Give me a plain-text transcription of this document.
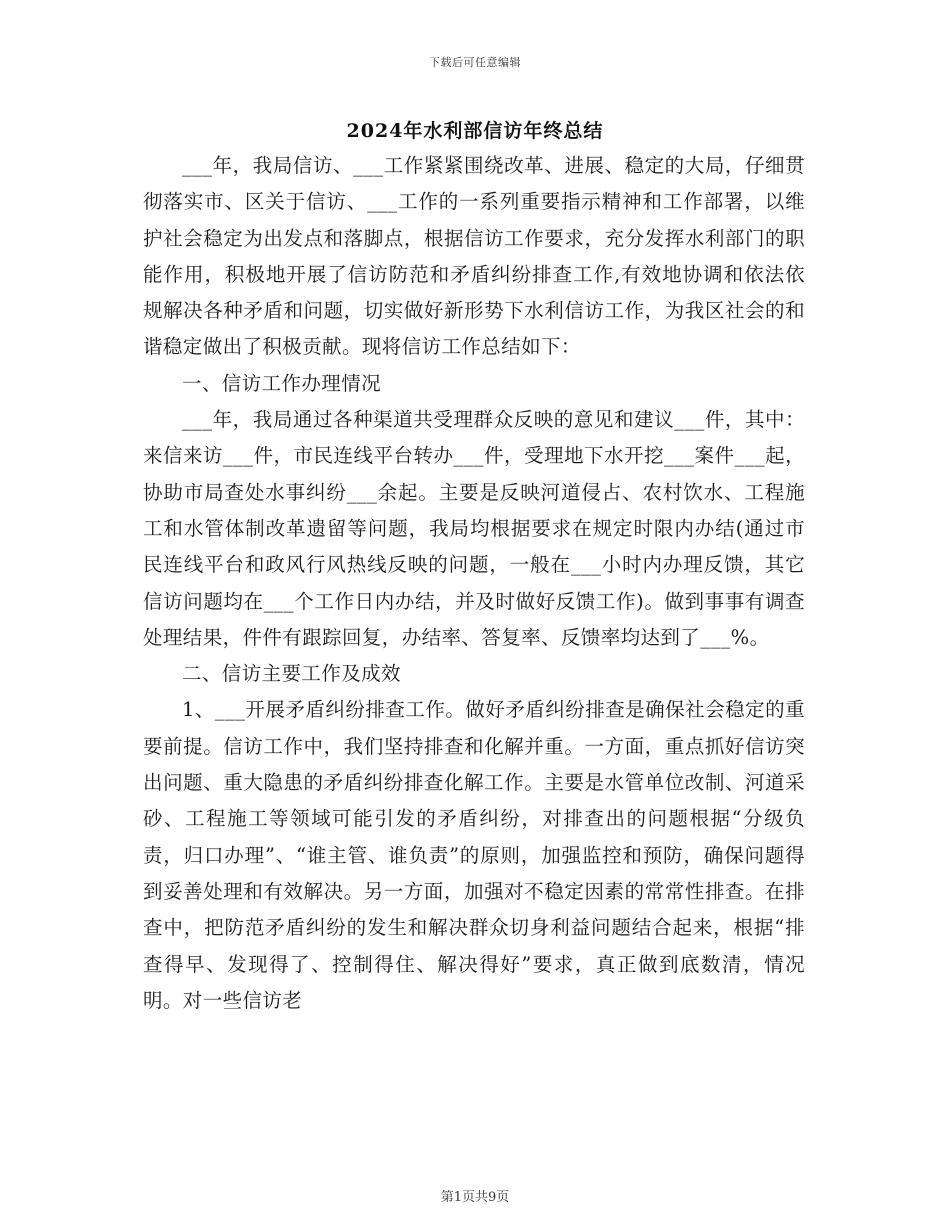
下载后可任意编辑
2024年水利部信访年终总结

___年，我局信访、___工作紧紧围绕改革、进展、稳定的大局，仔细贯彻落实市、区关于信访、___工作的一系列重要指示精神和工作部署，以维护社会稳定为出发点和落脚点，根据信访工作要求，充分发挥水利部门的职能作用，积极地开展了信访防范和矛盾纠纷排查工作,有效地协调和依法依规解决各种矛盾和问题，切实做好新形势下水利信访工作，为我区社会的和谐稳定做出了积极贡献。现将信访工作总结如下：

一、信访工作办理情况

___年，我局通过各种渠道共受理群众反映的意见和建议___件，其中：来信来访___件，市民连线平台转办___件，受理地下水开挖___案件___起，协助市局查处水事纠纷___余起。主要是反映河道侵占、农村饮水、工程施工和水管体制改革遗留等问题，我局均根据要求在规定时限内办结(通过市民连线平台和政风行风热线反映的问题，一般在___小时内办理反馈，其它信访问题均在___个工作日内办结，并及时做好反馈工作)。做到事事有调查处理结果，件件有跟踪回复，办结率、答复率、反馈率均达到了___%。

二、信访主要工作及成效

1、___开展矛盾纠纷排查工作。做好矛盾纠纷排查是确保社会稳定的重要前提。信访工作中，我们坚持排查和化解并重。一方面，重点抓好信访突出问题、重大隐患的矛盾纠纷排查化解工作。主要是水管单位改制、河道采砂、工程施工等领域可能引发的矛盾纠纷，对排查出的问题根据“分级负责，归口办理”、“谁主管、谁负责”的原则，加强监控和预防，确保问题得到妥善处理和有效解决。另一方面，加强对不稳定因素的常常性排查。在排查中，把防范矛盾纠纷的发生和解决群众切身利益问题结合起来，根据“排查得早、发现得了、控制得住、解决得好”要求，真正做到底数清，情况明。对一些信访老

第1页共9页
